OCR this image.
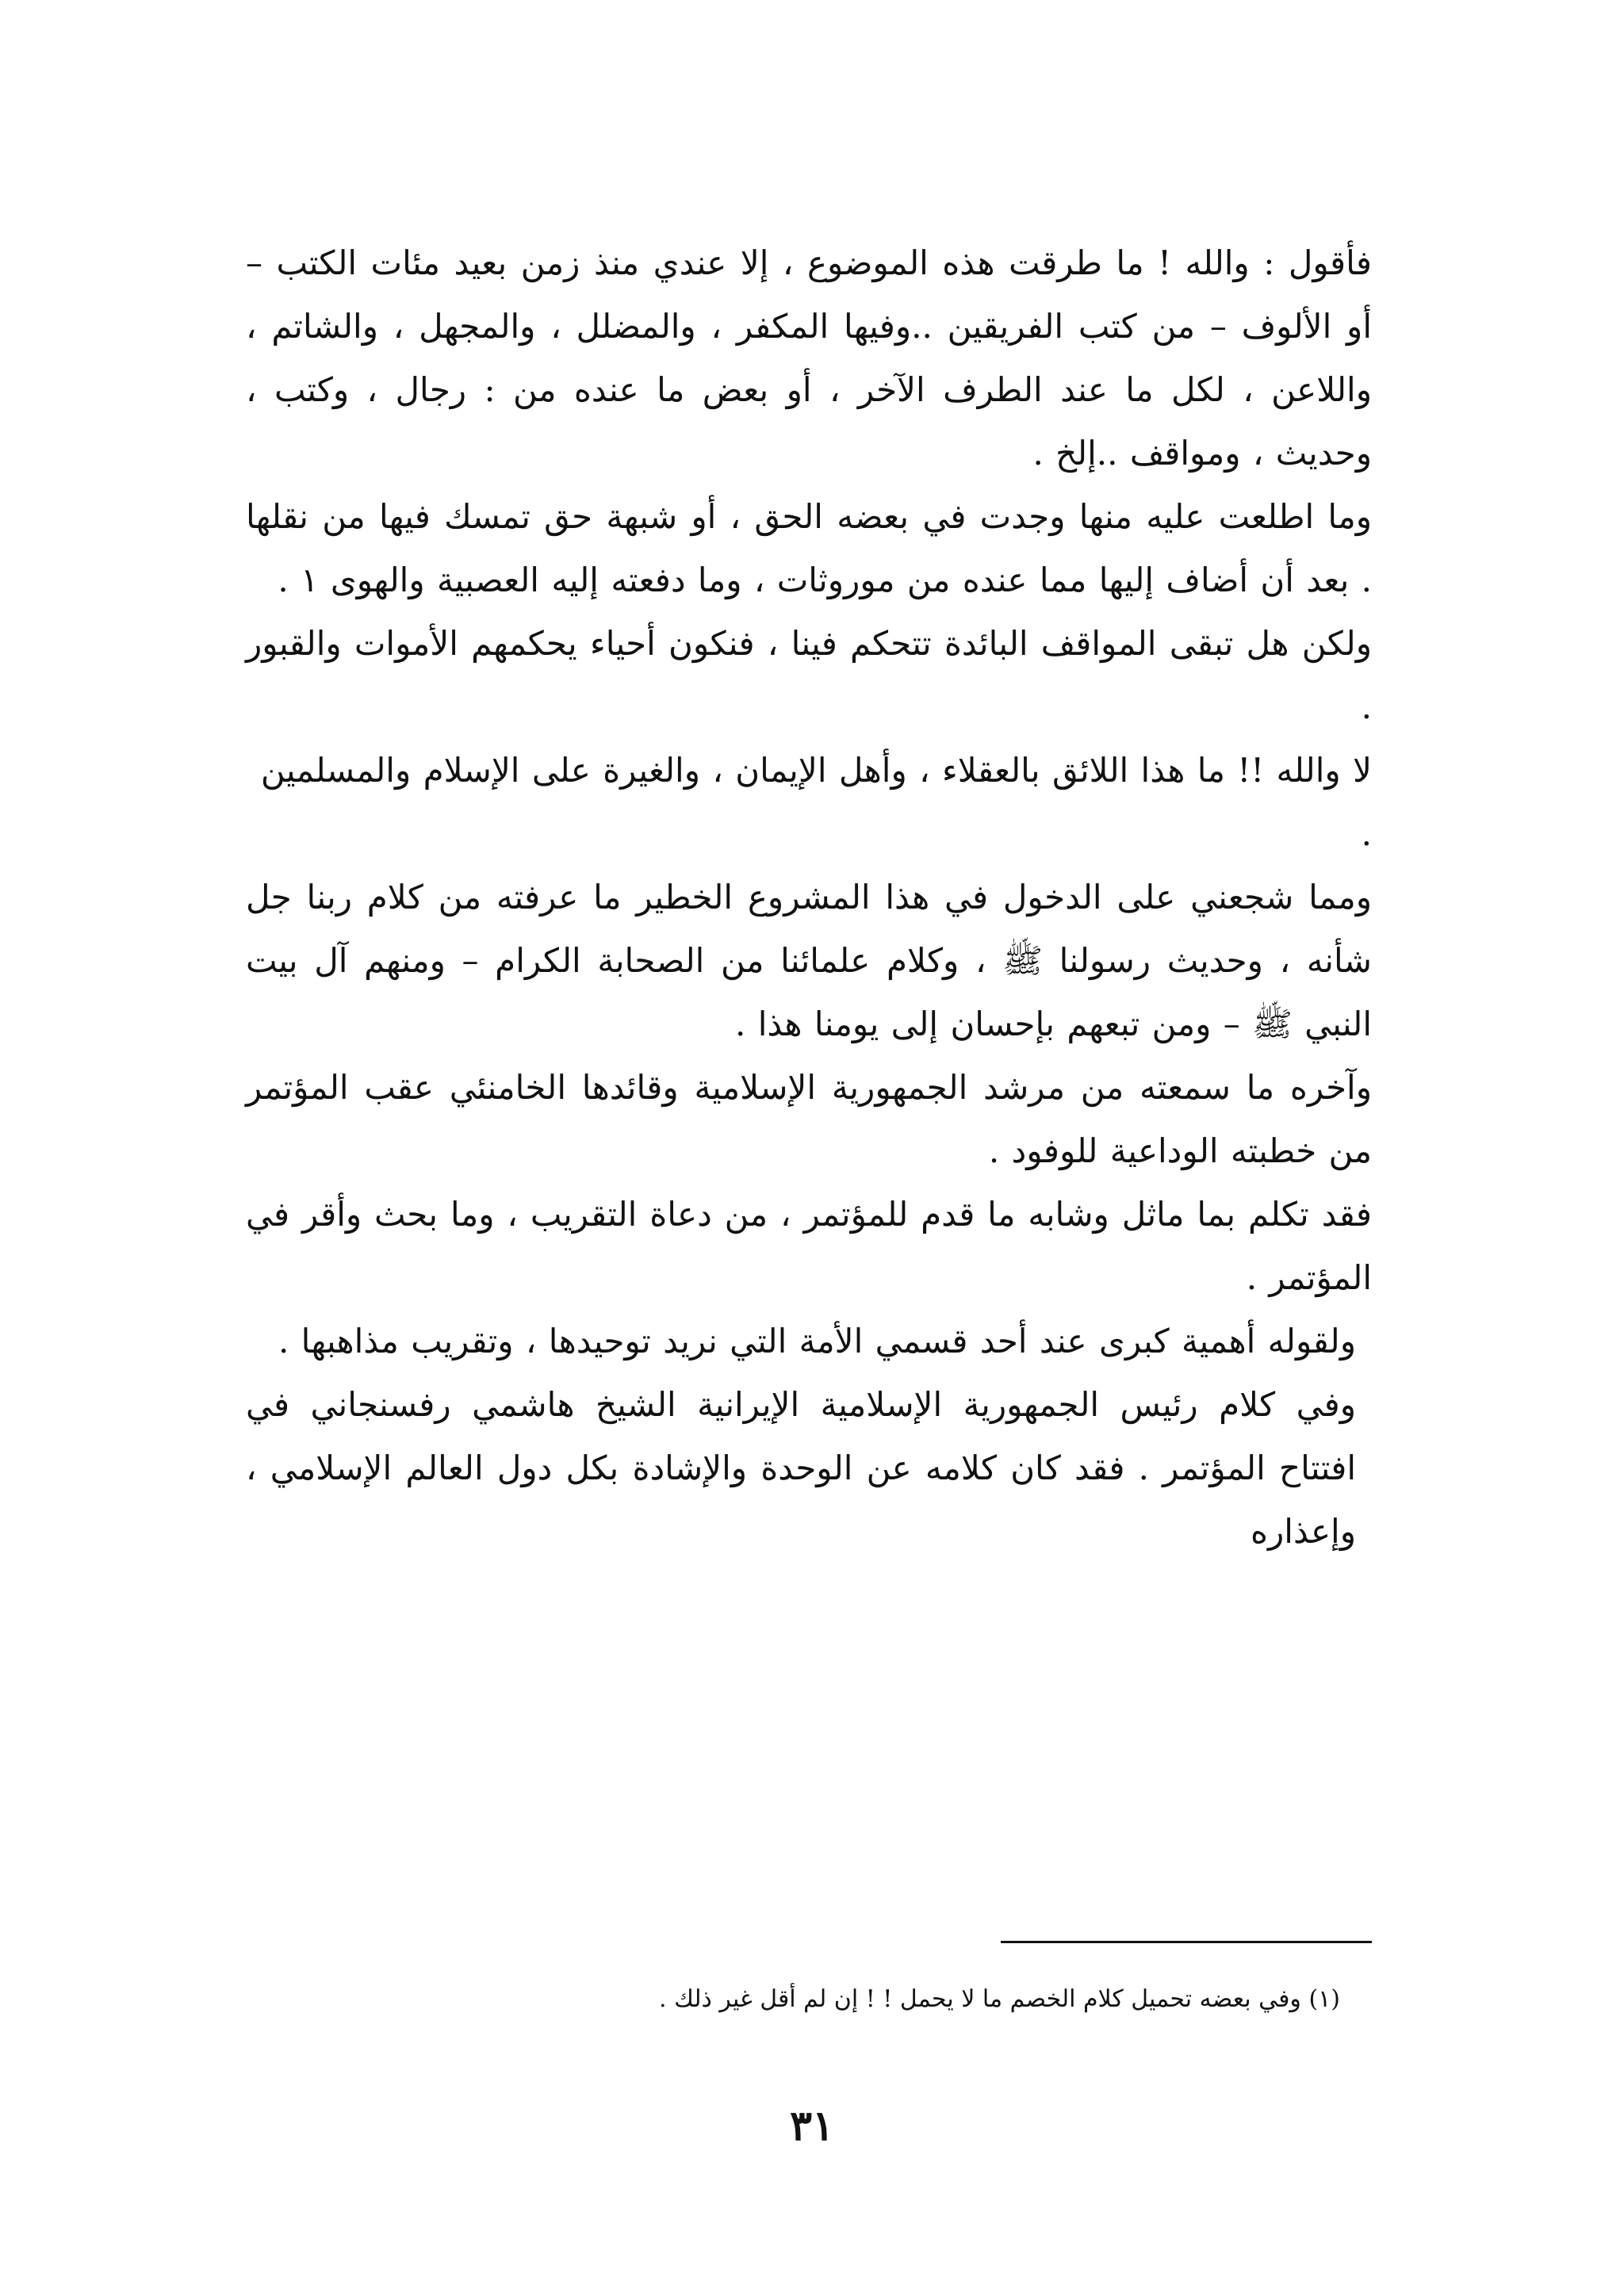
فأقول : والله ! ما طرقت هذه الموضوع ، إلا عندي منذ زمن بعيد مئات الكتب – أو الألوف – من كتب الفريقين ..وفيها المكفر ، والمضلل ، والمجهل ، والشاتم ، واللاعن ، لكل ما عند الطرف الآخر ، أو بعض ما عنده من : رجال ، وكتب ، وحديث ، ومواقف ..إلخ .

وما اطلعت عليه منها وجدت في بعضه الحق ، أو شبهة حق تمسك فيها من نقلها . بعد أن أضاف إليها مما عنده من موروثات ، وما دفعته إليه العصبية والهوى ١ .

ولكن هل تبقى المواقف البائدة تتحكم فينا ، فنكون أحياء يحكمهم الأموات والقبور .

لا والله !! ما هذا اللائق بالعقلاء ، وأهل الإيمان ، والغيرة على الإسلام والمسلمين

.

ومما شجعني على الدخول في هذا المشروع الخطير ما عرفته من كلام ربنا جل شأنه ، وحديث رسولنا ﷺ ، وكلام علمائنا من الصحابة الكرام – ومنهم آل بيت النبي ﷺ – ومن تبعهم بإحسان إلى يومنا هذا .

وآخره ما سمعته من مرشد الجمهورية الإسلامية وقائدها الخامنئي عقب المؤتمر من خطبته الوداعية للوفود .

فقد تكلم بما ماثل وشابه ما قدم للمؤتمر ، من دعاة التقريب ، وما بحث وأقر في المؤتمر .

ولقوله أهمية كبرى عند أحد قسمي الأمة التي نريد توحيدها ، وتقريب مذاهبها .

وفي كلام رئيس الجمهورية الإسلامية الإيرانية الشيخ هاشمي رفسنجاني في افتتاح المؤتمر . فقد كان كلامه عن الوحدة والإشادة بكل دول العالم الإسلامي ، وإعذاره

(١) وفي بعضه تحميل كلام الخصم ما لا يحمل ! ! إن لم أقل غير ذلك .
٣١
